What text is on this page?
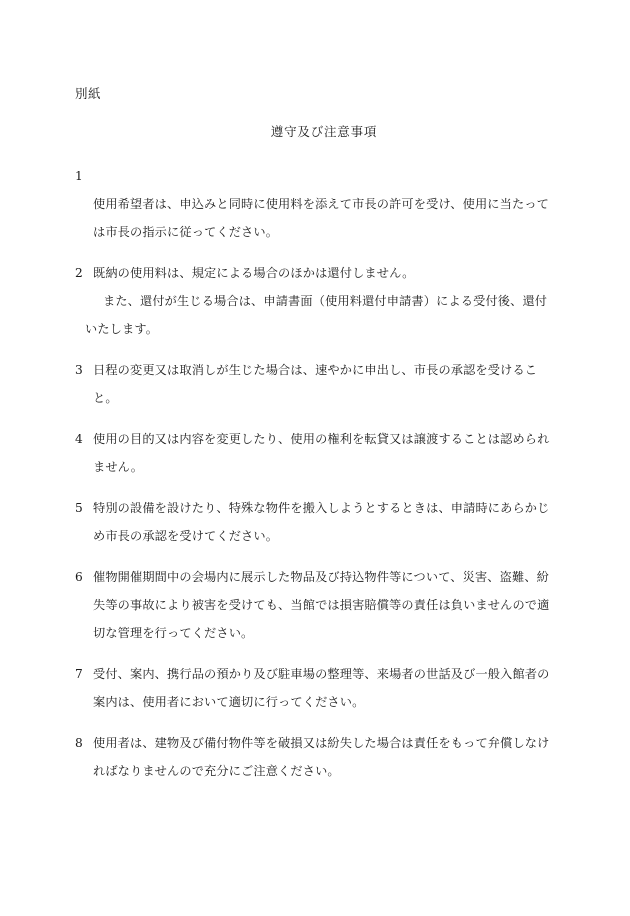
別紙
遵守及び注意事項
1

使用希望者は、申込みと同時に使用料を添えて市長の許可を受け、使用に当たっては市長の指示に従ってください。

2 既納の使用料は、規定による場合のほかは還付しません。

また、還付が生じる場合は、申請書面（使用料還付申請書）による受付後、還付いたします。

3 日程の変更又は取消しが生じた場合は、速やかに申出し、市長の承認を受けること。

4 使用の目的又は内容を変更したり、使用の権利を転貸又は譲渡することは認められません。

5 特別の設備を設けたり、特殊な物件を搬入しようとするときは、申請時にあらかじめ市長の承認を受けてください。

6 催物開催期間中の会場内に展示した物品及び持込物件等について、災害、盗難、紛失等の事故により被害を受けても、当館では損害賠償等の責任は負いませんので適切な管理を行ってください。

7 受付、案内、携行品の預かり及び駐車場の整理等、来場者の世話及び一般入館者の案内は、使用者において適切に行ってください。

8 使用者は、建物及び備付物件等を破損又は紛失した場合は責任をもって弁償しなければなりませんので充分にご注意ください。
